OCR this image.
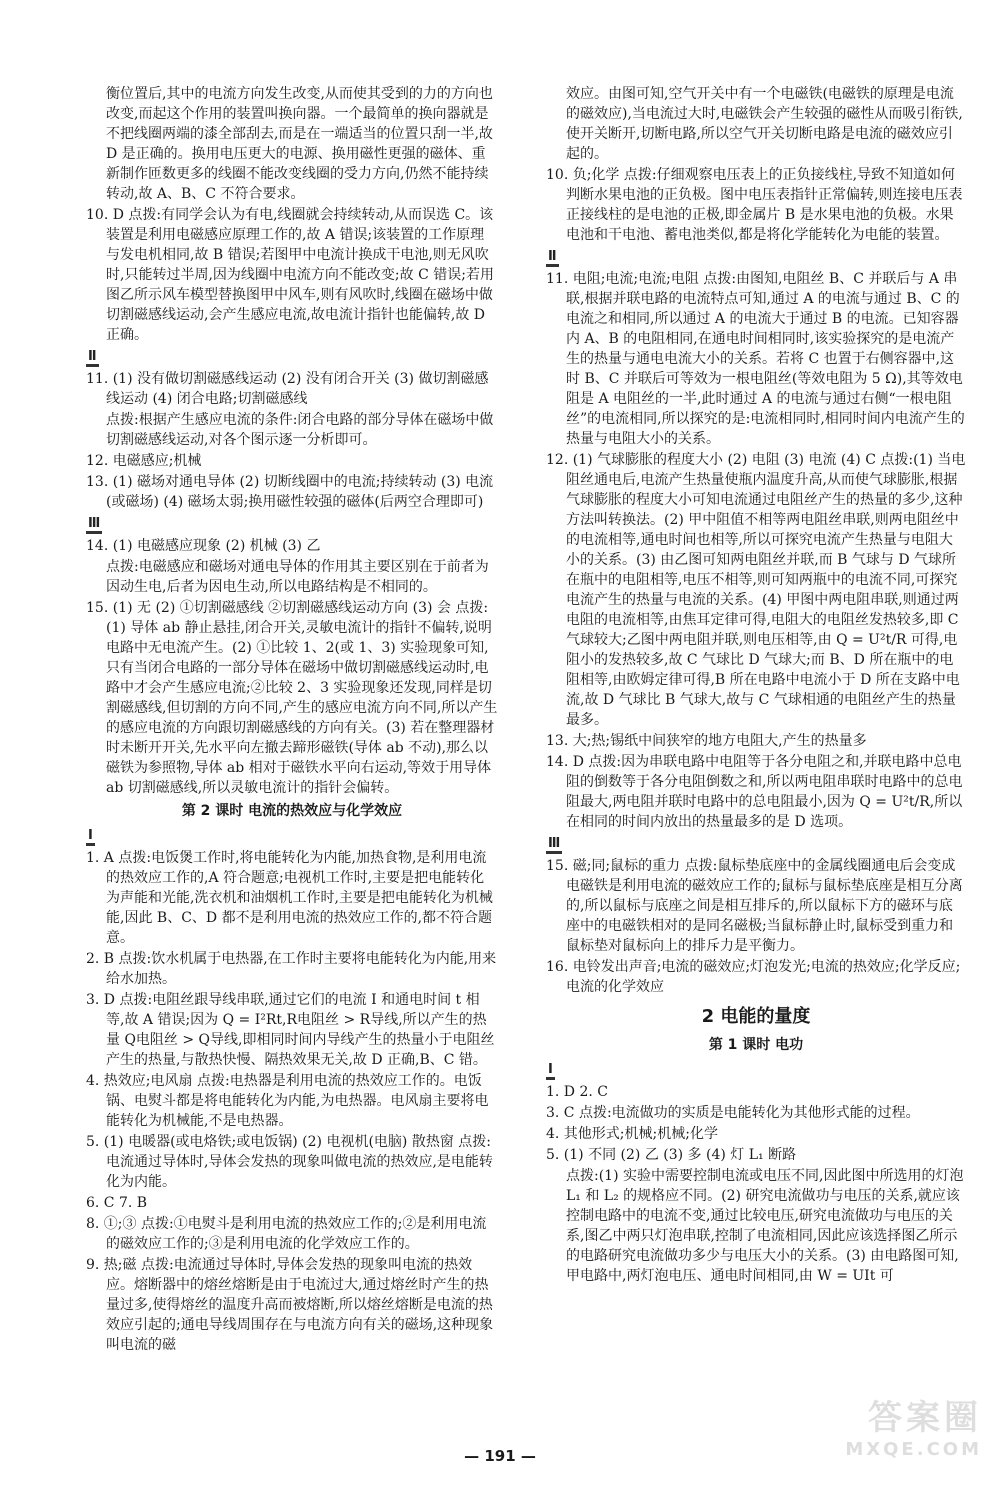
衡位置后,其中的电流方向发生改变,从而使其受到的力的方向也改变,而起这个作用的装置叫换向器。一个最简单的换向器就是不把线圈两端的漆全部刮去,而是在一端适当的位置只刮一半,故 D 是正确的。换用电压更大的电源、换用磁性更强的磁体、重新制作匝数更多的线圈不能改变线圈的受力方向,仍然不能持续转动,故 A、B、C 不符合要求。

10. D 点拨:有同学会认为有电,线圈就会持续转动,从而误选 C。该装置是利用电磁感应原理工作的,故 A 错误;该装置的工作原理与发电机相同,故 B 错误;若图甲中电流计换成干电池,则无风吹时,只能转过半周,因为线圈中电流方向不能改变;故 C 错误;若用图乙所示风车模型替换图甲中风车,则有风吹时,线圈在磁场中做切割磁感线运动,会产生感应电流,故电流计指针也能偏转,故 D 正确。

Ⅱ

11. (1) 没有做切割磁感线运动 (2) 没有闭合开关 (3) 做切割磁感线运动 (4) 闭合电路;切割磁感线

点拨:根据产生感应电流的条件:闭合电路的部分导体在磁场中做切割磁感线运动,对各个图示逐一分析即可。

12. 电磁感应;机械

13. (1) 磁场对通电导体 (2) 切断线圈中的电流;持续转动 (3) 电流(或磁场) (4) 磁场太弱;换用磁性较强的磁体(后两空合理即可)

Ⅲ

14. (1) 电磁感应现象 (2) 机械 (3) 乙

点拨:电磁感应和磁场对通电导体的作用其主要区别在于前者为因动生电,后者为因电生动,所以电路结构是不相同的。

15. (1) 无 (2) ①切割磁感线 ②切割磁感线运动方向 (3) 会 点拨:(1) 导体 ab 静止悬挂,闭合开关,灵敏电流计的指针不偏转,说明电路中无电流产生。(2) ①比较 1、2(或 1、3) 实验现象可知,只有当闭合电路的一部分导体在磁场中做切割磁感线运动时,电路中才会产生感应电流;②比较 2、3 实验现象还发现,同样是切割磁感线,但切割的方向不同,产生的感应电流方向不同,所以产生的感应电流的方向跟切割磁感线的方向有关。(3) 若在整理器材时未断开开关,先水平向左撤去蹄形磁铁(导体 ab 不动),那么以磁铁为参照物,导体 ab 相对于磁铁水平向右运动,等效于用导体 ab 切割磁感线,所以灵敏电流计的指针会偏转。

第 2 课时 电流的热效应与化学效应
Ⅰ

1. A 点拨:电饭煲工作时,将电能转化为内能,加热食物,是利用电流的热效应工作的,A 符合题意;电视机工作时,主要是把电能转化为声能和光能,洗衣机和油烟机工作时,主要是把电能转化为机械能,因此 B、C、D 都不是利用电流的热效应工作的,都不符合题意。

2. B 点拨:饮水机属于电热器,在工作时主要将电能转化为内能,用来给水加热。

3. D 点拨:电阻丝跟导线串联,通过它们的电流 I 和通电时间 t 相等,故 A 错误;因为 Q = I²Rt,R电阻丝 > R导线,所以产生的热量 Q电阻丝 > Q导线,即相同时间内导线产生的热量小于电阻丝产生的热量,与散热快慢、隔热效果无关,故 D 正确,B、C 错。

4. 热效应;电风扇 点拨:电热器是利用电流的热效应工作的。电饭锅、电熨斗都是将电能转化为内能,为电热器。电风扇主要将电能转化为机械能,不是电热器。

5. (1) 电暖器(或电烙铁;或电饭锅) (2) 电视机(电脑) 散热窗 点拨:电流通过导体时,导体会发热的现象叫做电流的热效应,是电能转化为内能。

6. C 7. B

8. ①;③ 点拨:①电熨斗是利用电流的热效应工作的;②是利用电流的磁效应工作的;③是利用电流的化学效应工作的。

9. 热;磁 点拨:电流通过导体时,导体会发热的现象叫电流的热效应。熔断器中的熔丝熔断是由于电流过大,通过熔丝时产生的热量过多,使得熔丝的温度升高而被熔断,所以熔丝熔断是电流的热效应引起的;通电导线周围存在与电流方向有关的磁场,这种现象叫电流的磁

效应。由图可知,空气开关中有一个电磁铁(电磁铁的原理是电流的磁效应),当电流过大时,电磁铁会产生较强的磁性从而吸引衔铁,使开关断开,切断电路,所以空气开关切断电路是电流的磁效应引起的。

10. 负;化学 点拨:仔细观察电压表上的正负接线柱,导致不知道如何判断水果电池的正负极。图中电压表指针正常偏转,则连接电压表正接线柱的是电池的正极,即金属片 B 是水果电池的负极。水果电池和干电池、蓄电池类似,都是将化学能转化为电能的装置。

Ⅱ

11. 电阻;电流;电流;电阻 点拨:由图知,电阻丝 B、C 并联后与 A 串联,根据并联电路的电流特点可知,通过 A 的电流与通过 B、C 的电流之和相同,所以通过 A 的电流大于通过 B 的电流。已知容器内 A、B 的电阻相同,在通电时间相同时,该实验探究的是电流产生的热量与通电电流大小的关系。若将 C 也置于右侧容器中,这时 B、C 并联后可等效为一根电阻丝(等效电阻为 5 Ω),其等效电阻是 A 电阻丝的一半,此时通过 A 的电流与通过右侧“一根电阻丝”的电流相同,所以探究的是:电流相同时,相同时间内电流产生的热量与电阻大小的关系。

12. (1) 气球膨胀的程度大小 (2) 电阻 (3) 电流 (4) C 点拨:(1) 当电阻丝通电后,电流产生热量使瓶内温度升高,从而使气球膨胀,根据气球膨胀的程度大小可知电流通过电阻丝产生的热量的多少,这种方法叫转换法。(2) 甲中阻值不相等两电阻丝串联,则两电阻丝中的电流相等,通电时间也相等,所以可探究电流产生热量与电阻大小的关系。(3) 由乙图可知两电阻丝并联,而 B 气球与 D 气球所在瓶中的电阻相等,电压不相等,则可知两瓶中的电流不同,可探究电流产生的热量与电流的关系。(4) 甲图中两电阻串联,则通过两电阻的电流相等,由焦耳定律可得,电阻大的电阻丝发热较多,即 C 气球较大;乙图中两电阻并联,则电压相等,由 Q = U²t/R 可得,电阻小的发热较多,故 C 气球比 D 气球大;而 B、D 所在瓶中的电阻相等,由欧姆定律可得,B 所在电路中电流小于 D 所在支路中电流,故 D 气球比 B 气球大,故与 C 气球相通的电阻丝产生的热量最多。

13. 大;热;锡纸中间狭窄的地方电阻大,产生的热量多

14. D 点拨:因为串联电路中电阻等于各分电阻之和,并联电路中总电阻的倒数等于各分电阻倒数之和,所以两电阻串联时电路中的总电阻最大,两电阻并联时电路中的总电阻最小,因为 Q = U²t/R,所以在相同的时间内放出的热量最多的是 D 选项。

Ⅲ

15. 磁;同;鼠标的重力 点拨:鼠标垫底座中的金属线圈通电后会变成电磁铁是利用电流的磁效应工作的;鼠标与鼠标垫底座是相互分离的,所以鼠标与底座之间是相互排斥的,所以鼠标下方的磁环与底座中的电磁铁相对的是同名磁极;当鼠标静止时,鼠标受到重力和鼠标垫对鼠标向上的排斥力是平衡力。

16. 电铃发出声音;电流的磁效应;灯泡发光;电流的热效应;化学反应;电流的化学效应

2 电能的量度
第 1 课时 电功
Ⅰ

1. D 2. C

3. C 点拨:电流做功的实质是电能转化为其他形式能的过程。

4. 其他形式;机械;机械;化学

5. (1) 不同 (2) 乙 (3) 多 (4) 灯 L₁ 断路

点拨:(1) 实验中需要控制电流或电压不同,因此图中所选用的灯泡 L₁ 和 L₂ 的规格应不同。(2) 研究电流做功与电压的关系,就应该控制电路中的电流不变,通过比较电压,研究电流做功与电压的关系,图乙中两只灯泡串联,控制了电流相同,因此应该选择图乙所示的电路研究电流做功多少与电压大小的关系。(3) 由电路图可知,甲电路中,两灯泡电压、通电时间相同,由 W = UIt 可

— 191 —
答案圈
MXQE.COM
